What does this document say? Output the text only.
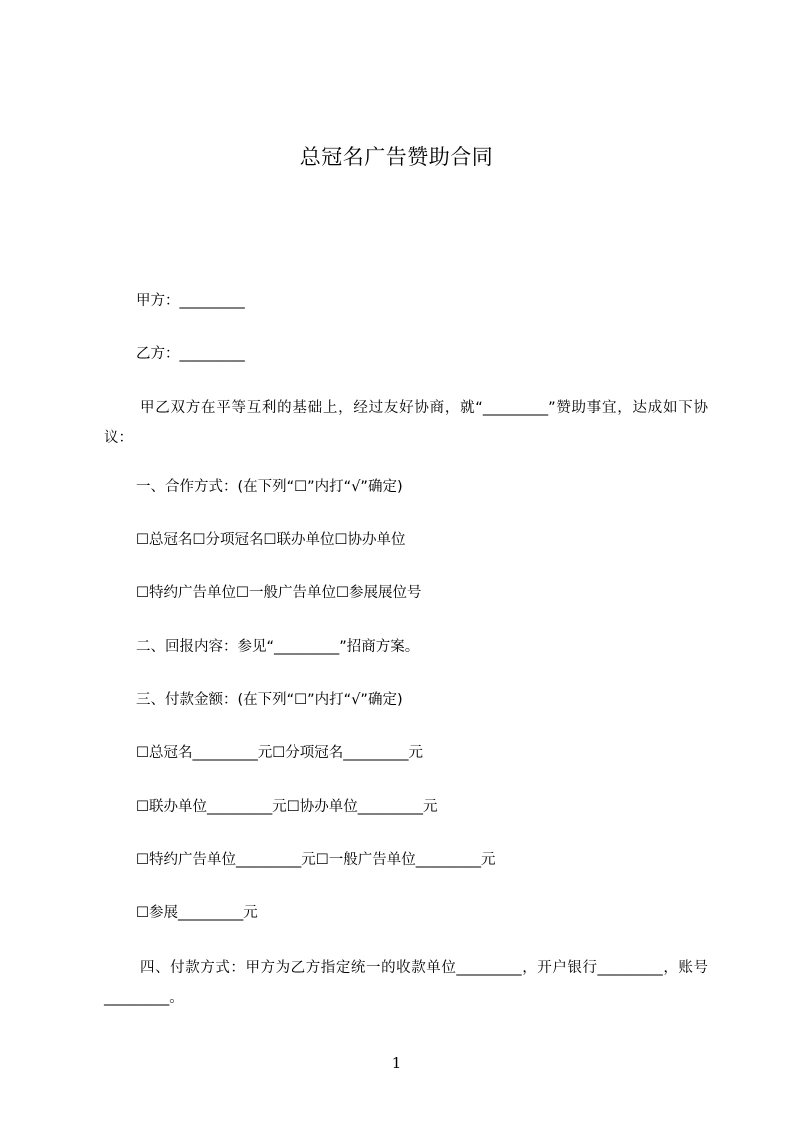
总冠名广告赞助合同
甲方：_________
乙方：_________
甲乙双方在平等互利的基础上，经过友好协商，就“_________”赞助事宜，达成如下协议：
一、合作方式：(在下列“☐”内打“√”确定)
☐总冠名☐分项冠名☐联办单位☐协办单位
☐特约广告单位☐一般广告单位☐参展展位号
二、回报内容：参见“_________”招商方案。
三、付款金额：(在下列“☐”内打“√”确定)
☐总冠名_________元☐分项冠名_________元
☐联办单位_________元☐协办单位_________元
☐特约广告单位_________元☐一般广告单位_________元
☐参展_________元
四、付款方式：甲方为乙方指定统一的收款单位_________，开户银行_________，账号_________。
1
